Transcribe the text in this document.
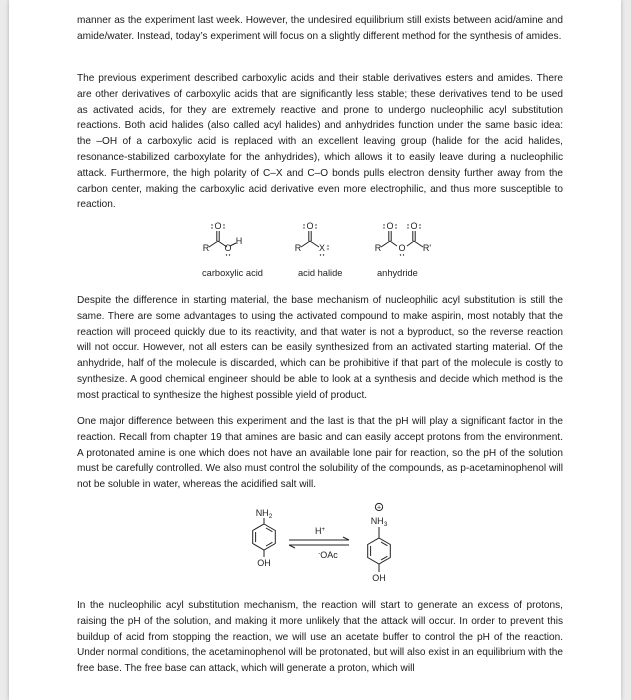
manner as the experiment last week. However, the undesired equilibrium still exists between acid/amine and amide/water. Instead, today’s experiment will focus on a slightly different method for the synthesis of amides.

The previous experiment described carboxylic acids and their stable derivatives esters and amides. There are other derivatives of carboxylic acids that are significantly less stable; these derivatives tend to be used as activated acids, for they are extremely reactive and prone to undergo nucleophilic acyl substitution reactions. Both acid halides (also called acyl halides) and anhydrides function under the same basic idea: the –OH of a carboxylic acid is replaced with an excellent leaving group (halide for the acid halides, resonance-stabilized carboxylate for the anhydrides), which allows it to easily leave during a nucleophilic attack. Furthermore, the high polarity of C–X and C–O bonds pulls electron density further away from the carbon center, making the carboxylic acid derivative even more electrophilic, and thus more susceptible to reaction.

O
R O
H
O
R X
O O
R O R'
carboxylic acid	acid halide	anhydride

Despite the difference in starting material, the base mechanism of nucleophilic acyl substitution is still the same. There are some advantages to using the activated compound to make aspirin, most notably that the reaction will proceed quickly due to its reactivity, and that water is not a byproduct, so the reverse reaction will not occur. However, not all esters can be easily synthesized from an activated starting material. Of the anhydride, half of the molecule is discarded, which can be prohibitive if that part of the molecule is costly to synthesize. A good chemical engineer should be able to look at a synthesis and decide which method is the most practical to synthesize the highest possible yield of product.

One major difference between this experiment and the last is that the pH will play a significant factor in the reaction. Recall from chapter 19 that amines are basic and can easily accept protons from the environment. A protonated amine is one which does not have an available lone pair for reaction, so the pH of the solution must be carefully controlled. We also must control the solubility of the compounds, as p-acetaminophenol will not be soluble in water, whereas the acidified salt will.

$NH_2$
OH
$NH_3$
OH
+
H+
-OAc

In the nucleophilic acyl substitution mechanism, the reaction will start to generate an excess of protons, raising the pH of the solution, and making it more unlikely that the attack will occur. In order to prevent this buildup of acid from stopping the reaction, we will use an acetate buffer to control the pH of the reaction. Under normal conditions, the acetaminophenol will be protonated, but will also exist in an equilibrium with the free base. The free base can attack, which will generate a proton, which will
